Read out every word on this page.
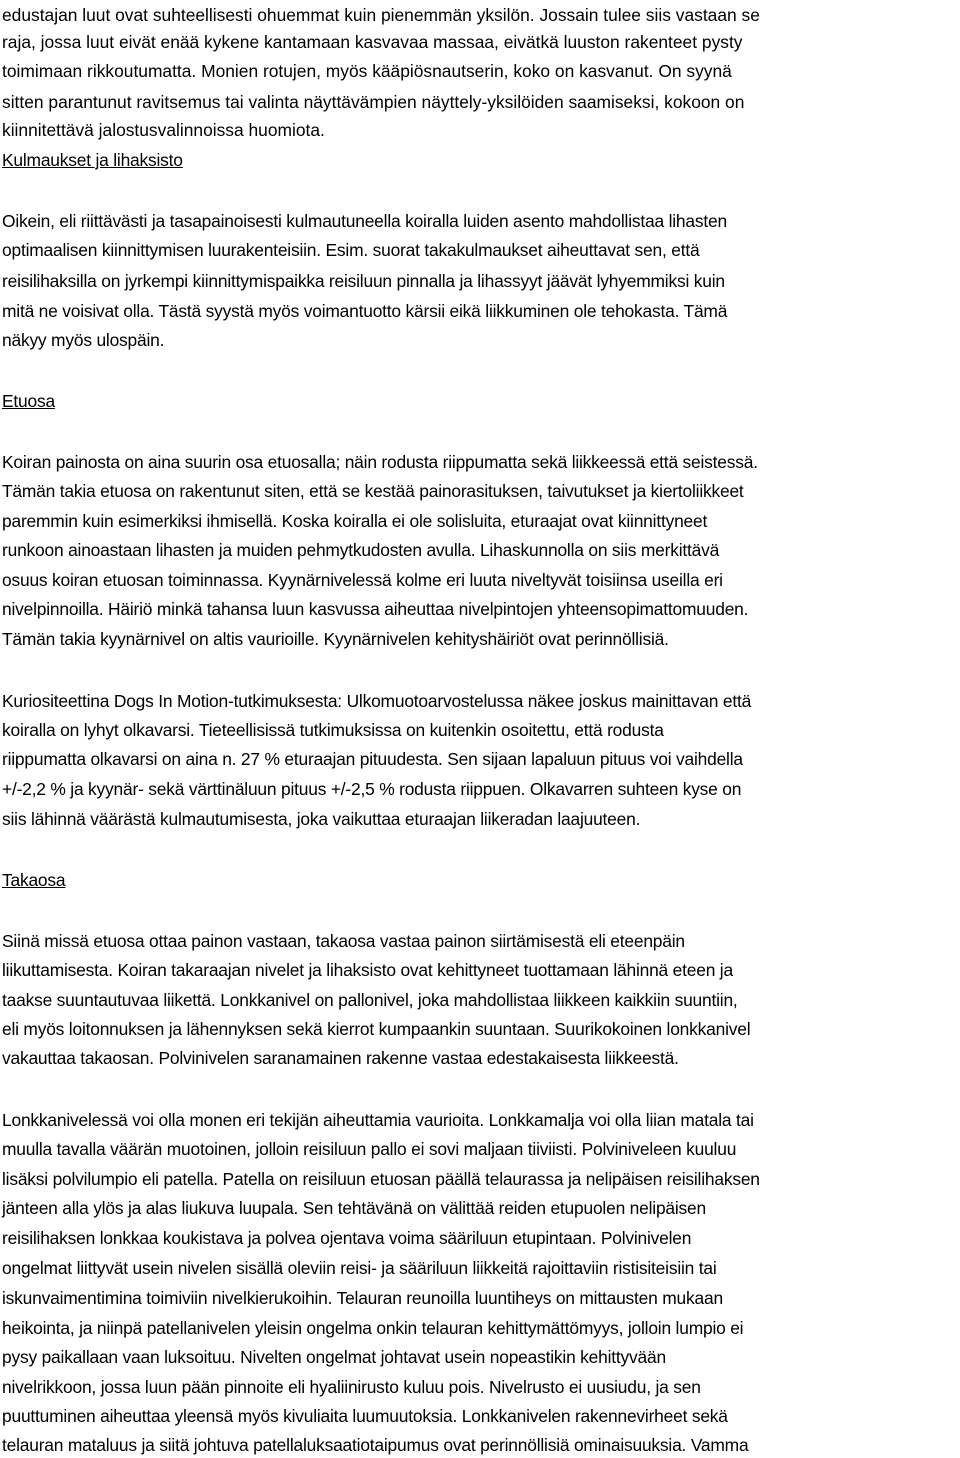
edustajan luut ovat suhteellisesti ohuemmat kuin pienemmän yksilön. Jossain tulee siis vastaan se
raja, jossa luut eivät enää kykene kantamaan kasvavaa massaa, eivätkä luuston rakenteet pysty
toimimaan rikkoutumatta. Monien rotujen, myös kääpiösnautserin, koko on kasvanut. On syynä
sitten parantunut ravitsemus tai valinta näyttävämpien näyttely-yksilöiden saamiseksi, kokoon on
kiinnitettävä jalostusvalinnoissa huomiota.
Kulmaukset ja lihaksisto
Oikein, eli riittävästi ja tasapainoisesti kulmautuneella koiralla luiden asento mahdollistaa lihasten
optimaalisen kiinnittymisen luurakenteisiin. Esim. suorat takakulmaukset aiheuttavat sen, että
reisilihaksilla on jyrkempi kiinnittymispaikka reisiluun pinnalla ja lihassyyt jäävät lyhyemmiksi kuin
mitä ne voisivat olla. Tästä syystä myös voimantuotto kärsii eikä liikkuminen ole tehokasta. Tämä
näkyy myös ulospäin.
Etuosa
Koiran painosta on aina suurin osa etuosalla; näin rodusta riippumatta sekä liikkeessä että seistessä.
Tämän takia etuosa on rakentunut siten, että se kestää painorasituksen, taivutukset ja kiertoliikkeet
paremmin kuin esimerkiksi ihmisellä. Koska koiralla ei ole solisluita, eturaajat ovat kiinnittyneet
runkoon ainoastaan lihasten ja muiden pehmytkudosten avulla. Lihaskunnolla on siis merkittävä
osuus koiran etuosan toiminnassa. Kyynärnivelessä kolme eri luuta niveltyvät toisiinsa useilla eri
nivelpinnoilla. Häiriö minkä tahansa luun kasvussa aiheuttaa nivelpintojen yhteensopimattomuuden.
Tämän takia kyynärnivel on altis vaurioille. Kyynärnivelen kehityshäiriöt ovat perinnöllisiä.
Kuriositeettina Dogs In Motion-tutkimuksesta: Ulkomuotoarvostelussa näkee joskus mainittavan että
koiralla on lyhyt olkavarsi. Tieteellisissä tutkimuksissa on kuitenkin osoitettu, että rodusta
riippumatta olkavarsi on aina n. 27 % eturaajan pituudesta. Sen sijaan lapaluun pituus voi vaihdella
+/-2,2 % ja kyynär- sekä värttinäluun pituus +/-2,5 % rodusta riippuen. Olkavarren suhteen kyse on
siis lähinnä väärästä kulmautumisesta, joka vaikuttaa eturaajan liikeradan laajuuteen.
Takaosa
Siinä missä etuosa ottaa painon vastaan, takaosa vastaa painon siirtämisestä eli eteenpäin
liikuttamisesta. Koiran takaraajan nivelet ja lihaksisto ovat kehittyneet tuottamaan lähinnä eteen ja
taakse suuntautuvaa liikettä. Lonkkanivel on pallonivel, joka mahdollistaa liikkeen kaikkiin suuntiin,
eli myös loitonnuksen ja lähennyksen sekä kierrot kumpaankin suuntaan. Suurikokoinen lonkkanivel
vakauttaa takaosan. Polvinivelen saranamainen rakenne vastaa edestakaisesta liikkeestä.
Lonkkanivelessä voi olla monen eri tekijän aiheuttamia vaurioita. Lonkkamalja voi olla liian matala tai
muulla tavalla väärän muotoinen, jolloin reisiluun pallo ei sovi maljaan tiiviisti. Polviniveleen kuuluu
lisäksi polvilumpio eli patella. Patella on reisiluun etuosan päällä telaurassa ja nelipäisen reisilihaksen
jänteen alla ylös ja alas liukuva luupala. Sen tehtävänä on välittää reiden etupuolen nelipäisen
reisilihaksen lonkkaa koukistava ja polvea ojentava voima sääriluun etupintaan. Polvinivelen
ongelmat liittyvät usein nivelen sisällä oleviin reisi- ja sääriluun liikkeitä rajoittaviin ristisiteisiin tai
iskunvaimentimina toimiviin nivelkierukoihin. Telauran reunoilla luuntiheys on mittausten mukaan
heikointa, ja niinpä patellanivelen yleisin ongelma onkin telauran kehittymättömyys, jolloin lumpio ei
pysy paikallaan vaan luksoituu. Nivelten ongelmat johtavat usein nopeastikin kehittyvään
nivelrikkoon, jossa luun pään pinnoite eli hyaliinirusto kuluu pois. Nivelrusto ei uusiudu, ja sen
puuttuminen aiheuttaa yleensä myös kivuliaita luumuutoksia. Lonkkanivelen rakennevirheet sekä
telauran mataluus ja siitä johtuva patellaluksaatiotaipumus ovat perinnöllisiä ominaisuuksia. Vamma
